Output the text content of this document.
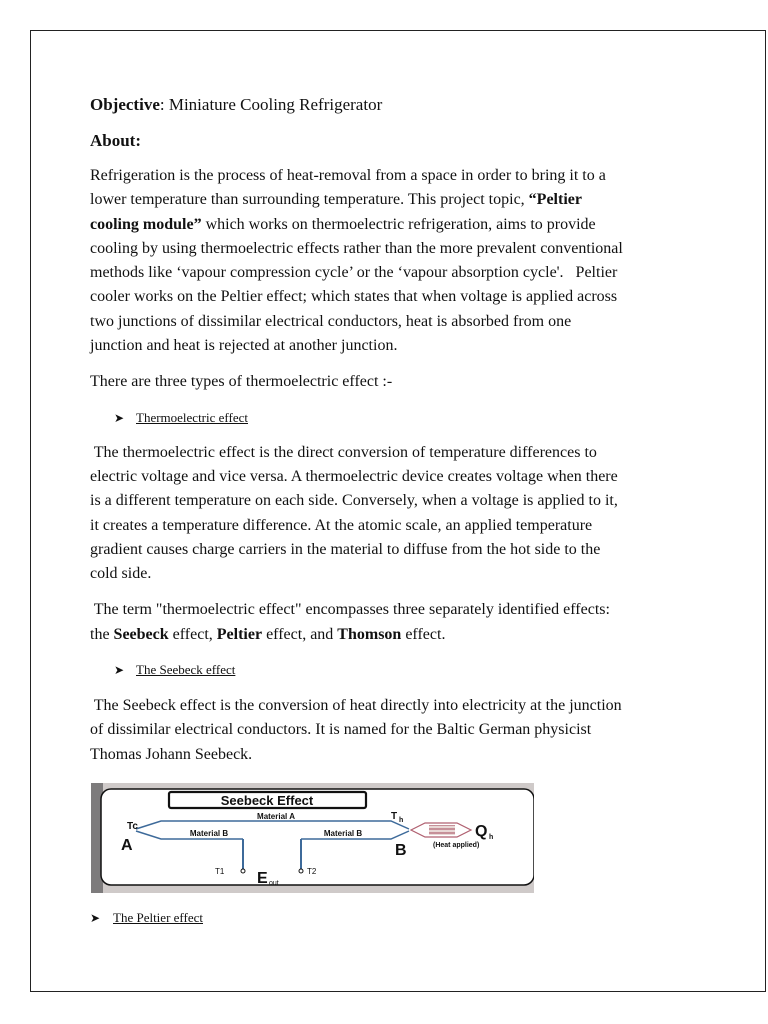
Objective: Miniature Cooling Refrigerator

About:

Refrigeration is the process of heat-removal from a space in order to bring it to a

lower temperature than surrounding temperature. This project topic, “Peltier

cooling module” which works on thermoelectric refrigeration, aims to provide

cooling by using thermoelectric effects rather than the more prevalent conventional

methods like ‘vapour compression cycle’ or the ‘vapour absorption cycle'.   Peltier

cooler works on the Peltier effect; which states that when voltage is applied across

two junctions of dissimilar electrical conductors, heat is absorbed from one

junction and heat is rejected at another junction.

There are three types of thermoelectric effect :-

➤ Thermoelectric effect

The thermoelectric effect is the direct conversion of temperature differences to

electric voltage and vice versa. A thermoelectric device creates voltage when there

is a different temperature on each side. Conversely, when a voltage is applied to it,

it creates a temperature difference. At the atomic scale, an applied temperature

gradient causes charge carriers in the material to diffuse from the hot side to the

cold side.

The term "thermoelectric effect" encompasses three separately identified effects:

the Seebeck effect, Peltier effect, and Thomson effect.

➤ The Seebeck effect

The Seebeck effect is the conversion of heat directly into electricity at the junction

of dissimilar electrical conductors. It is named for the Baltic German physicist

Thomas Johann Seebeck.

Seebeck Effect
Material A
Material B	Material B
Tc
A
T h
B
Q h
(Heat applied)
T1	T2
E out

➤ The Peltier effect
